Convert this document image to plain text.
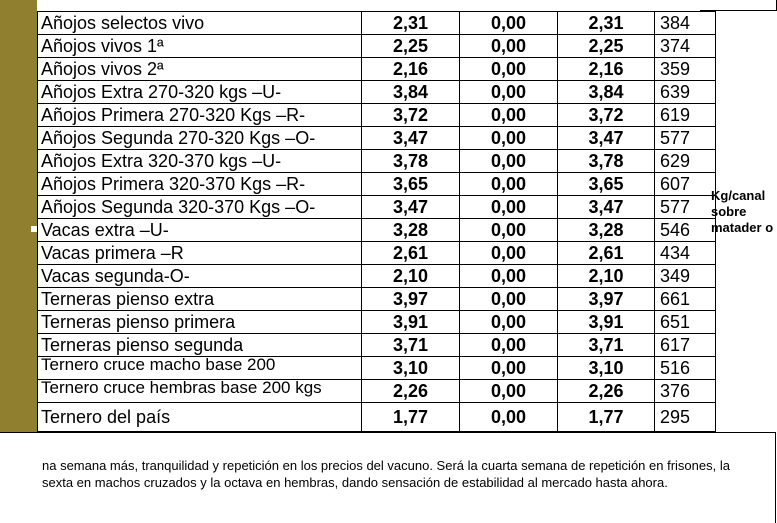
Añojos selectos vivo	2,31	0,00	2,31	384
Añojos vivos 1ª	2,25	0,00	2,25	374
Añojos vivos 2ª	2,16	0,00	2,16	359
Añojos Extra 270-320 kgs –U-	3,84	0,00	3,84	639
Añojos Primera 270-320 Kgs –R-	3,72	0,00	3,72	619
Añojos Segunda 270-320 Kgs –O-	3,47	0,00	3,47	577
Añojos Extra 320-370 kgs –U-	3,78	0,00	3,78	629
Añojos Primera 320-370 Kgs –R-	3,65	0,00	3,65	607
Añojos Segunda 320-370 Kgs –O-	3,47	0,00	3,47	577
Vacas extra –U-	3,28	0,00	3,28	546
Vacas primera –R	2,61	0,00	2,61	434
Vacas segunda-O-	2,10	0,00	2,10	349
Terneras pienso extra	3,97	0,00	3,97	661
Terneras pienso primera	3,91	0,00	3,91	651
Terneras pienso segunda	3,71	0,00	3,71	617
Ternero cruce macho base 200	3,10	0,00	3,10	516
Ternero cruce hembras base 200 kgs	2,26	0,00	2,26	376
Ternero del país	1,77	0,00	1,77	295
Kg/canal sobre matader o
na semana más, tranquilidad y repetición en los precios del vacuno. Será la cuarta semana de repetición en frisones, la sexta en machos cruzados y la octava en hembras, dando sensación de estabilidad al mercado hasta ahora.
